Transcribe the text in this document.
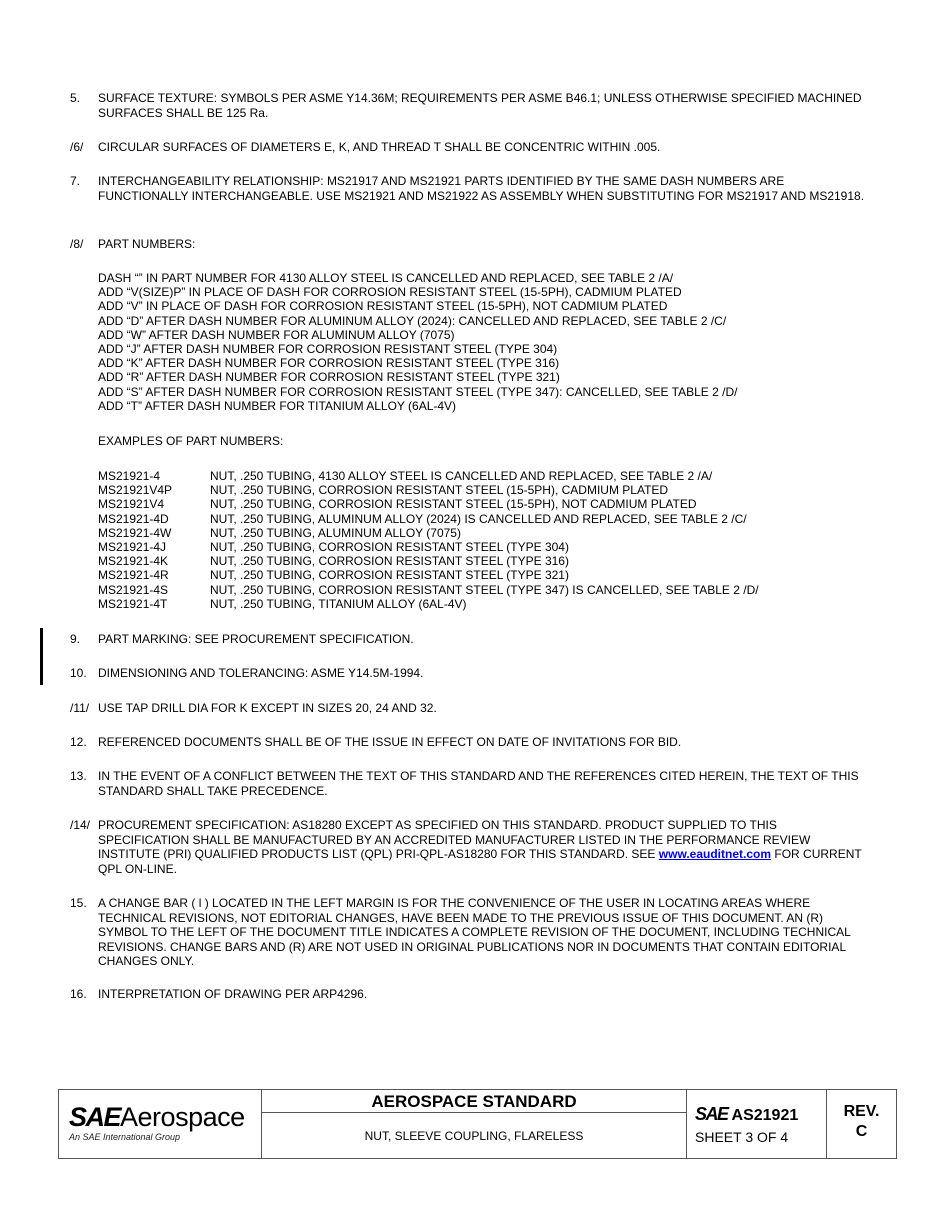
5. SURFACE TEXTURE: SYMBOLS PER ASME Y14.36M; REQUIREMENTS PER ASME B46.1; UNLESS OTHERWISE SPECIFIED MACHINED SURFACES SHALL BE 125 Ra.
/6/ CIRCULAR SURFACES OF DIAMETERS E, K, AND THREAD T SHALL BE CONCENTRIC WITHIN .005.
7. INTERCHANGEABILITY RELATIONSHIP: MS21917 AND MS21921 PARTS IDENTIFIED BY THE SAME DASH NUMBERS ARE FUNCTIONALLY INTERCHANGEABLE. USE MS21921 AND MS21922 AS ASSEMBLY WHEN SUBSTITUTING FOR MS21917 AND MS21918.
/8/ PART NUMBERS:
DASH “” IN PART NUMBER FOR 4130 ALLOY STEEL IS CANCELLED AND REPLACED, SEE TABLE 2 /A/
ADD “V(SIZE)P” IN PLACE OF DASH FOR CORROSION RESISTANT STEEL (15-5PH), CADMIUM PLATED
ADD “V” IN PLACE OF DASH FOR CORROSION RESISTANT STEEL (15-5PH), NOT CADMIUM PLATED
ADD “D” AFTER DASH NUMBER FOR ALUMINUM ALLOY (2024): CANCELLED AND REPLACED, SEE TABLE 2 /C/
ADD “W” AFTER DASH NUMBER FOR ALUMINUM ALLOY (7075)
ADD “J” AFTER DASH NUMBER FOR CORROSION RESISTANT STEEL (TYPE 304)
ADD “K” AFTER DASH NUMBER FOR CORROSION RESISTANT STEEL (TYPE 316)
ADD “R” AFTER DASH NUMBER FOR CORROSION RESISTANT STEEL (TYPE 321)
ADD “S” AFTER DASH NUMBER FOR CORROSION RESISTANT STEEL (TYPE 347): CANCELLED, SEE TABLE 2 /D/
ADD “T” AFTER DASH NUMBER FOR TITANIUM ALLOY (6AL-4V)
EXAMPLES OF PART NUMBERS:
MS21921-4	NUT, .250 TUBING, 4130 ALLOY STEEL IS CANCELLED AND REPLACED, SEE TABLE 2 /A/
MS21921V4P	NUT, .250 TUBING, CORROSION RESISTANT STEEL (15-5PH), CADMIUM PLATED
MS21921V4	NUT, .250 TUBING, CORROSION RESISTANT STEEL (15-5PH), NOT CADMIUM PLATED
MS21921-4D	NUT, .250 TUBING, ALUMINUM ALLOY (2024) IS CANCELLED AND REPLACED, SEE TABLE 2 /C/
MS21921-4W	NUT, .250 TUBING, ALUMINUM ALLOY (7075)
MS21921-4J	NUT, .250 TUBING, CORROSION RESISTANT STEEL (TYPE 304)
MS21921-4K	NUT, .250 TUBING, CORROSION RESISTANT STEEL (TYPE 316)
MS21921-4R	NUT, .250 TUBING, CORROSION RESISTANT STEEL (TYPE 321)
MS21921-4S	NUT, .250 TUBING, CORROSION RESISTANT STEEL (TYPE 347) IS CANCELLED, SEE TABLE 2 /D/
MS21921-4T	NUT, .250 TUBING, TITANIUM ALLOY (6AL-4V)
9. PART MARKING: SEE PROCUREMENT SPECIFICATION.
10. DIMENSIONING AND TOLERANCING: ASME Y14.5M-1994.
/11/ USE TAP DRILL DIA FOR K EXCEPT IN SIZES 20, 24 AND 32.
12. REFERENCED DOCUMENTS SHALL BE OF THE ISSUE IN EFFECT ON DATE OF INVITATIONS FOR BID.
13. IN THE EVENT OF A CONFLICT BETWEEN THE TEXT OF THIS STANDARD AND THE REFERENCES CITED HEREIN, THE TEXT OF THIS STANDARD SHALL TAKE PRECEDENCE.
/14/ PROCUREMENT SPECIFICATION: AS18280 EXCEPT AS SPECIFIED ON THIS STANDARD. PRODUCT SUPPLIED TO THIS SPECIFICATION SHALL BE MANUFACTURED BY AN ACCREDITED MANUFACTURER LISTED IN THE PERFORMANCE REVIEW INSTITUTE (PRI) QUALIFIED PRODUCTS LIST (QPL) PRI-QPL-AS18280 FOR THIS STANDARD. SEE www.eauditnet.com FOR CURRENT QPL ON-LINE.
15. A CHANGE BAR ( l ) LOCATED IN THE LEFT MARGIN IS FOR THE CONVENIENCE OF THE USER IN LOCATING AREAS WHERE TECHNICAL REVISIONS, NOT EDITORIAL CHANGES, HAVE BEEN MADE TO THE PREVIOUS ISSUE OF THIS DOCUMENT. AN (R) SYMBOL TO THE LEFT OF THE DOCUMENT TITLE INDICATES A COMPLETE REVISION OF THE DOCUMENT, INCLUDING TECHNICAL REVISIONS. CHANGE BARS AND (R) ARE NOT USED IN ORIGINAL PUBLICATIONS NOR IN DOCUMENTS THAT CONTAIN EDITORIAL CHANGES ONLY.
16. INTERPRETATION OF DRAWING PER ARP4296.
SAEAerospace
An SAE International Group
AEROSPACE STANDARD
NUT, SLEEVE COUPLING, FLARELESS
SAE AS21921
SHEET 3 OF 4
REV.
C
